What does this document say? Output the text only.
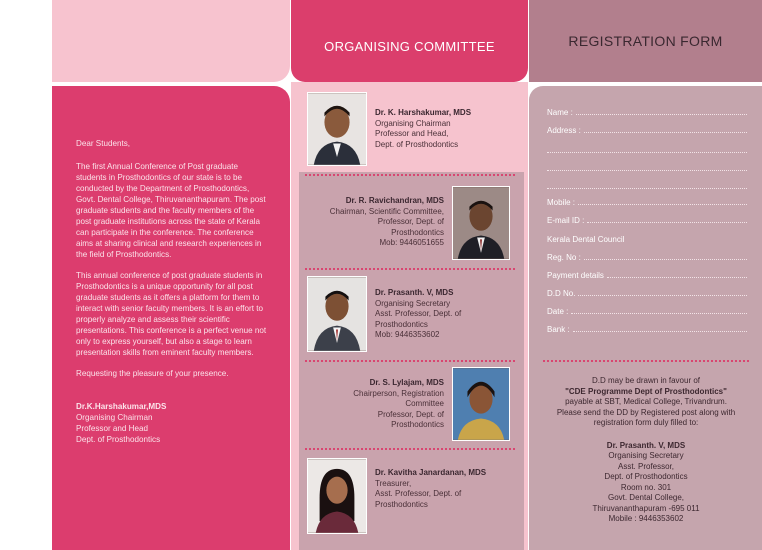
Dear Students,

The first Annual Conference of Post graduate students in Prosthodontics of our state is to be conducted by the Department of Prosthodontics, Govt. Dental College, Thiruvananthapuram. The post graduate students and the faculty members of the post graduate institutions across the state of Kerala can participate in the conference. The conference aims at sharing clinical and research experiences in the field of Prosthodontics.

This annual conference of post graduate students in Prosthodontics is a unique opportunity for all post graduate students as it offers a platform for them to interact with senior faculty members. It is an effort to properly analyze and assess their scientific presentations. This conference is a perfect venue not only to express yourself, but also a stage to learn presentation skills from eminent faculty members.

Requesting the pleasure of your presence.

Dr.K.Harshakumar,MDS
Organising Chairman
Professor and Head
Dept. of Prosthodontics
ORGANISING COMMITTEE
Dr. K. Harshakumar, MDS
Organising Chairman
Professor and Head,
Dept. of Prosthodontics
Dr. R. Ravichandran, MDS
Chairman, Scientific Committee,
Professor, Dept. of
Prosthodontics
Mob: 9446051655
Dr. Prasanth. V, MDS
Organising Secretary
Asst. Professor, Dept. of
Prosthodontics
Mob: 9446353602
Dr. S. Lylajam, MDS
Chairperson, Registration
Committee
Professor, Dept. of
Prosthodontics
Dr. Kavitha Janardanan, MDS
Treasurer,
Asst. Professor, Dept. of
Prosthodontics
REGISTRATION FORM
Name :
Address :
Mobile :
E-mail ID :
Kerala Dental Council
Reg. No :
Payment details
D.D No.
Date :
Bank :
D.D may be drawn in favour of
"CDE Programme Dept of Prosthodontics"
payable at SBT, Medical College, Trivandrum.
Please send the DD by Registered post along with
registration form duly filled to:
Dr. Prasanth. V, MDS
Organising Secretary
Asst. Professor,
Dept. of Prosthodontics
Room no. 301
Govt. Dental College,
Thiruvananthapuram -695 011
Mobile : 9446353602
